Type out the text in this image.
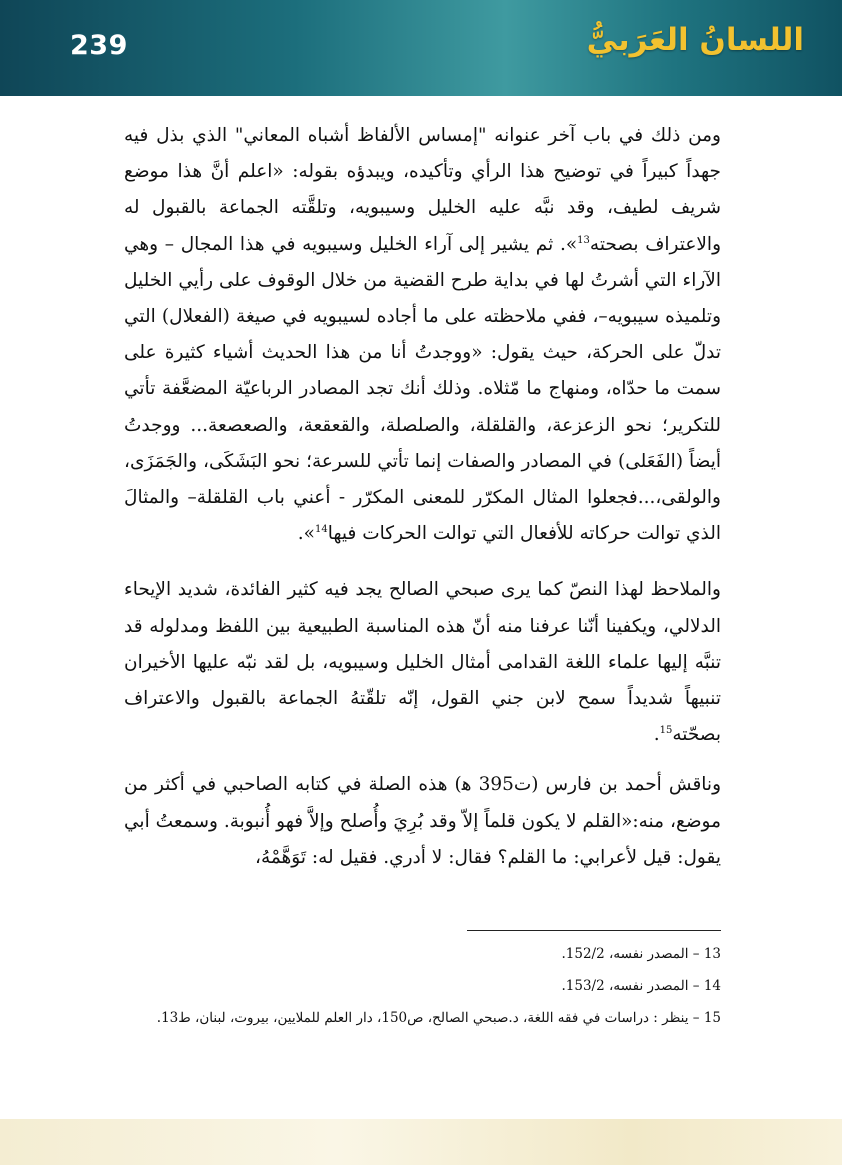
239	اللسانُ العَرَبيُّ

ومن ذلك في باب آخر عنوانه "إمساس الألفاظ أشباه المعاني" الذي بذل فيه جهداً كبيراً في توضيح هذا الرأي وتأكيده، ويبدؤه بقوله: «اعلم أنَّ هذا موضع شريف لطيف، وقد نبَّه عليه الخليل وسيبويه، وتلقَّته الجماعة بالقبول له والاعتراف بصحته$^{13}$». ثم يشير إلى آراء الخليل وسيبويه في هذا المجال – وهي الآراء التي أشرتُ لها في بداية طرح القضية من خلال الوقوف على رأيي الخليل وتلميذه سيبويه–، ففي ملاحظته على ما أجاده لسيبويه في صيغة (الفعلال) التي تدلّ على الحركة، حيث يقول: «ووجدتُ أنا من هذا الحديث أشياء كثيرة على سمت ما حدّاه، ومنهاج ما مّثلاه. وذلك أنك تجد المصادر الرباعيّة المضعَّفة تأتي للتكرير؛ نحو الزعزعة، والقلقلة، والصلصلة، والقعقعة، والصعصعة... ووجدتُ أيضاً (الفَعَلى) في المصادر والصفات إنما تأتي للسرعة؛ نحو البَشَكَى، والجَمَزَى، والولقى،...فجعلوا المثال المكرّر للمعنى المكرّر - أعني باب القلقلة– والمثالَ الذي توالت حركاته للأفعال التي توالت الحركات فيها$^{14}$».

والملاحظ لهذا النصّ كما يرى صبحي الصالح يجد فيه كثير الفائدة، شديد الإيحاء الدلالي، ويكفينا أنّنا عرفنا منه أنّ هذه المناسبة الطبيعية بين اللفظ ومدلوله قد تنبَّه إليها علماء اللغة القدامى أمثال الخليل وسيبويه، بل لقد نبّه عليها الأخيران تنبيهاً شديداً سمح لابن جني القول، إنّه تلقّتهُ الجماعة بالقبول والاعتراف بصحّته$^{15}$.

وناقش أحمد بن فارس (ت395 ﻫ) هذه الصلة في كتابه الصاحبي في أكثر من موضع، منه:«القلم لا يكون قلماً إلاّ وقد بُرِيَ وأُصلح وإلاَّ فهو أُنبوبة. وسمعتُ أبي يقول: قيل لأعرابي: ما القلم؟ فقال: لا أدري. فقيل له: تَوَهَّمْهُ،

13 – المصدر نفسه، 152/2.

14 – المصدر نفسه، 153/2.

15 – ينظر : دراسات في فقه اللغة، د.صبحي الصالح، ص150، دار العلم للملايين، بيروت، لبنان، ط13.
